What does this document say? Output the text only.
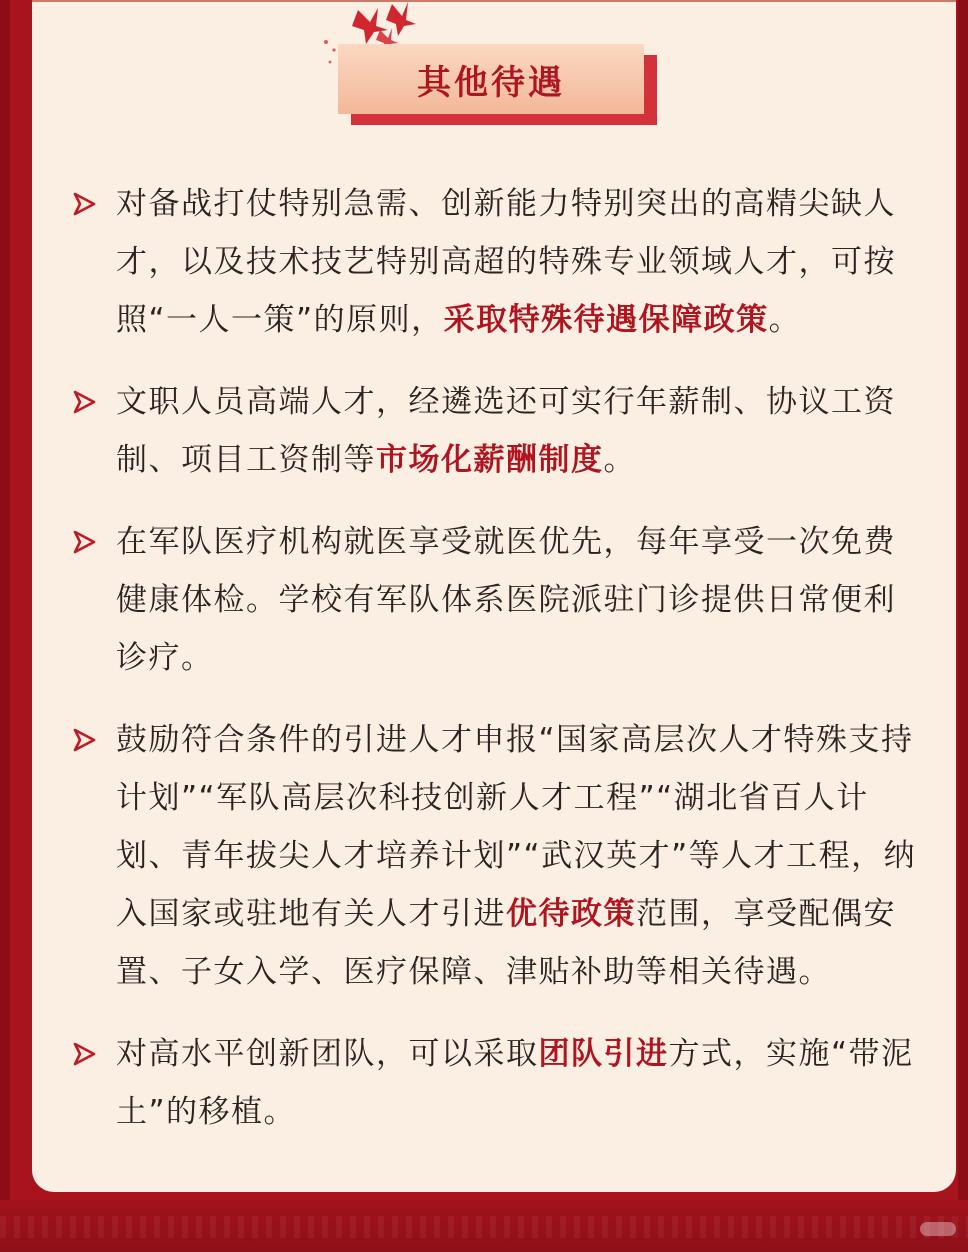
其他待遇
对备战打仗特别急需、创新能力特别突出的高精尖缺人才，以及技术技艺特别高超的特殊专业领域人才，可按照“一人一策”的原则，采取特殊待遇保障政策。
文职人员高端人才，经遴选还可实行年薪制、协议工资制、项目工资制等市场化薪酬制度。
在军队医疗机构就医享受就医优先，每年享受一次免费健康体检。学校有军队体系医院派驻门诊提供日常便利诊疗。
鼓励符合条件的引进人才申报“国家高层次人才特殊支持计划”“军队高层次科技创新人才工程”“湖北省百人计划、青年拔尖人才培养计划”“武汉英才”等人才工程，纳入国家或驻地有关人才引进优待政策范围，享受配偶安置、子女入学、医疗保障、津贴补助等相关待遇。
对高水平创新团队，可以采取团队引进方式，实施“带泥土”的移植。
